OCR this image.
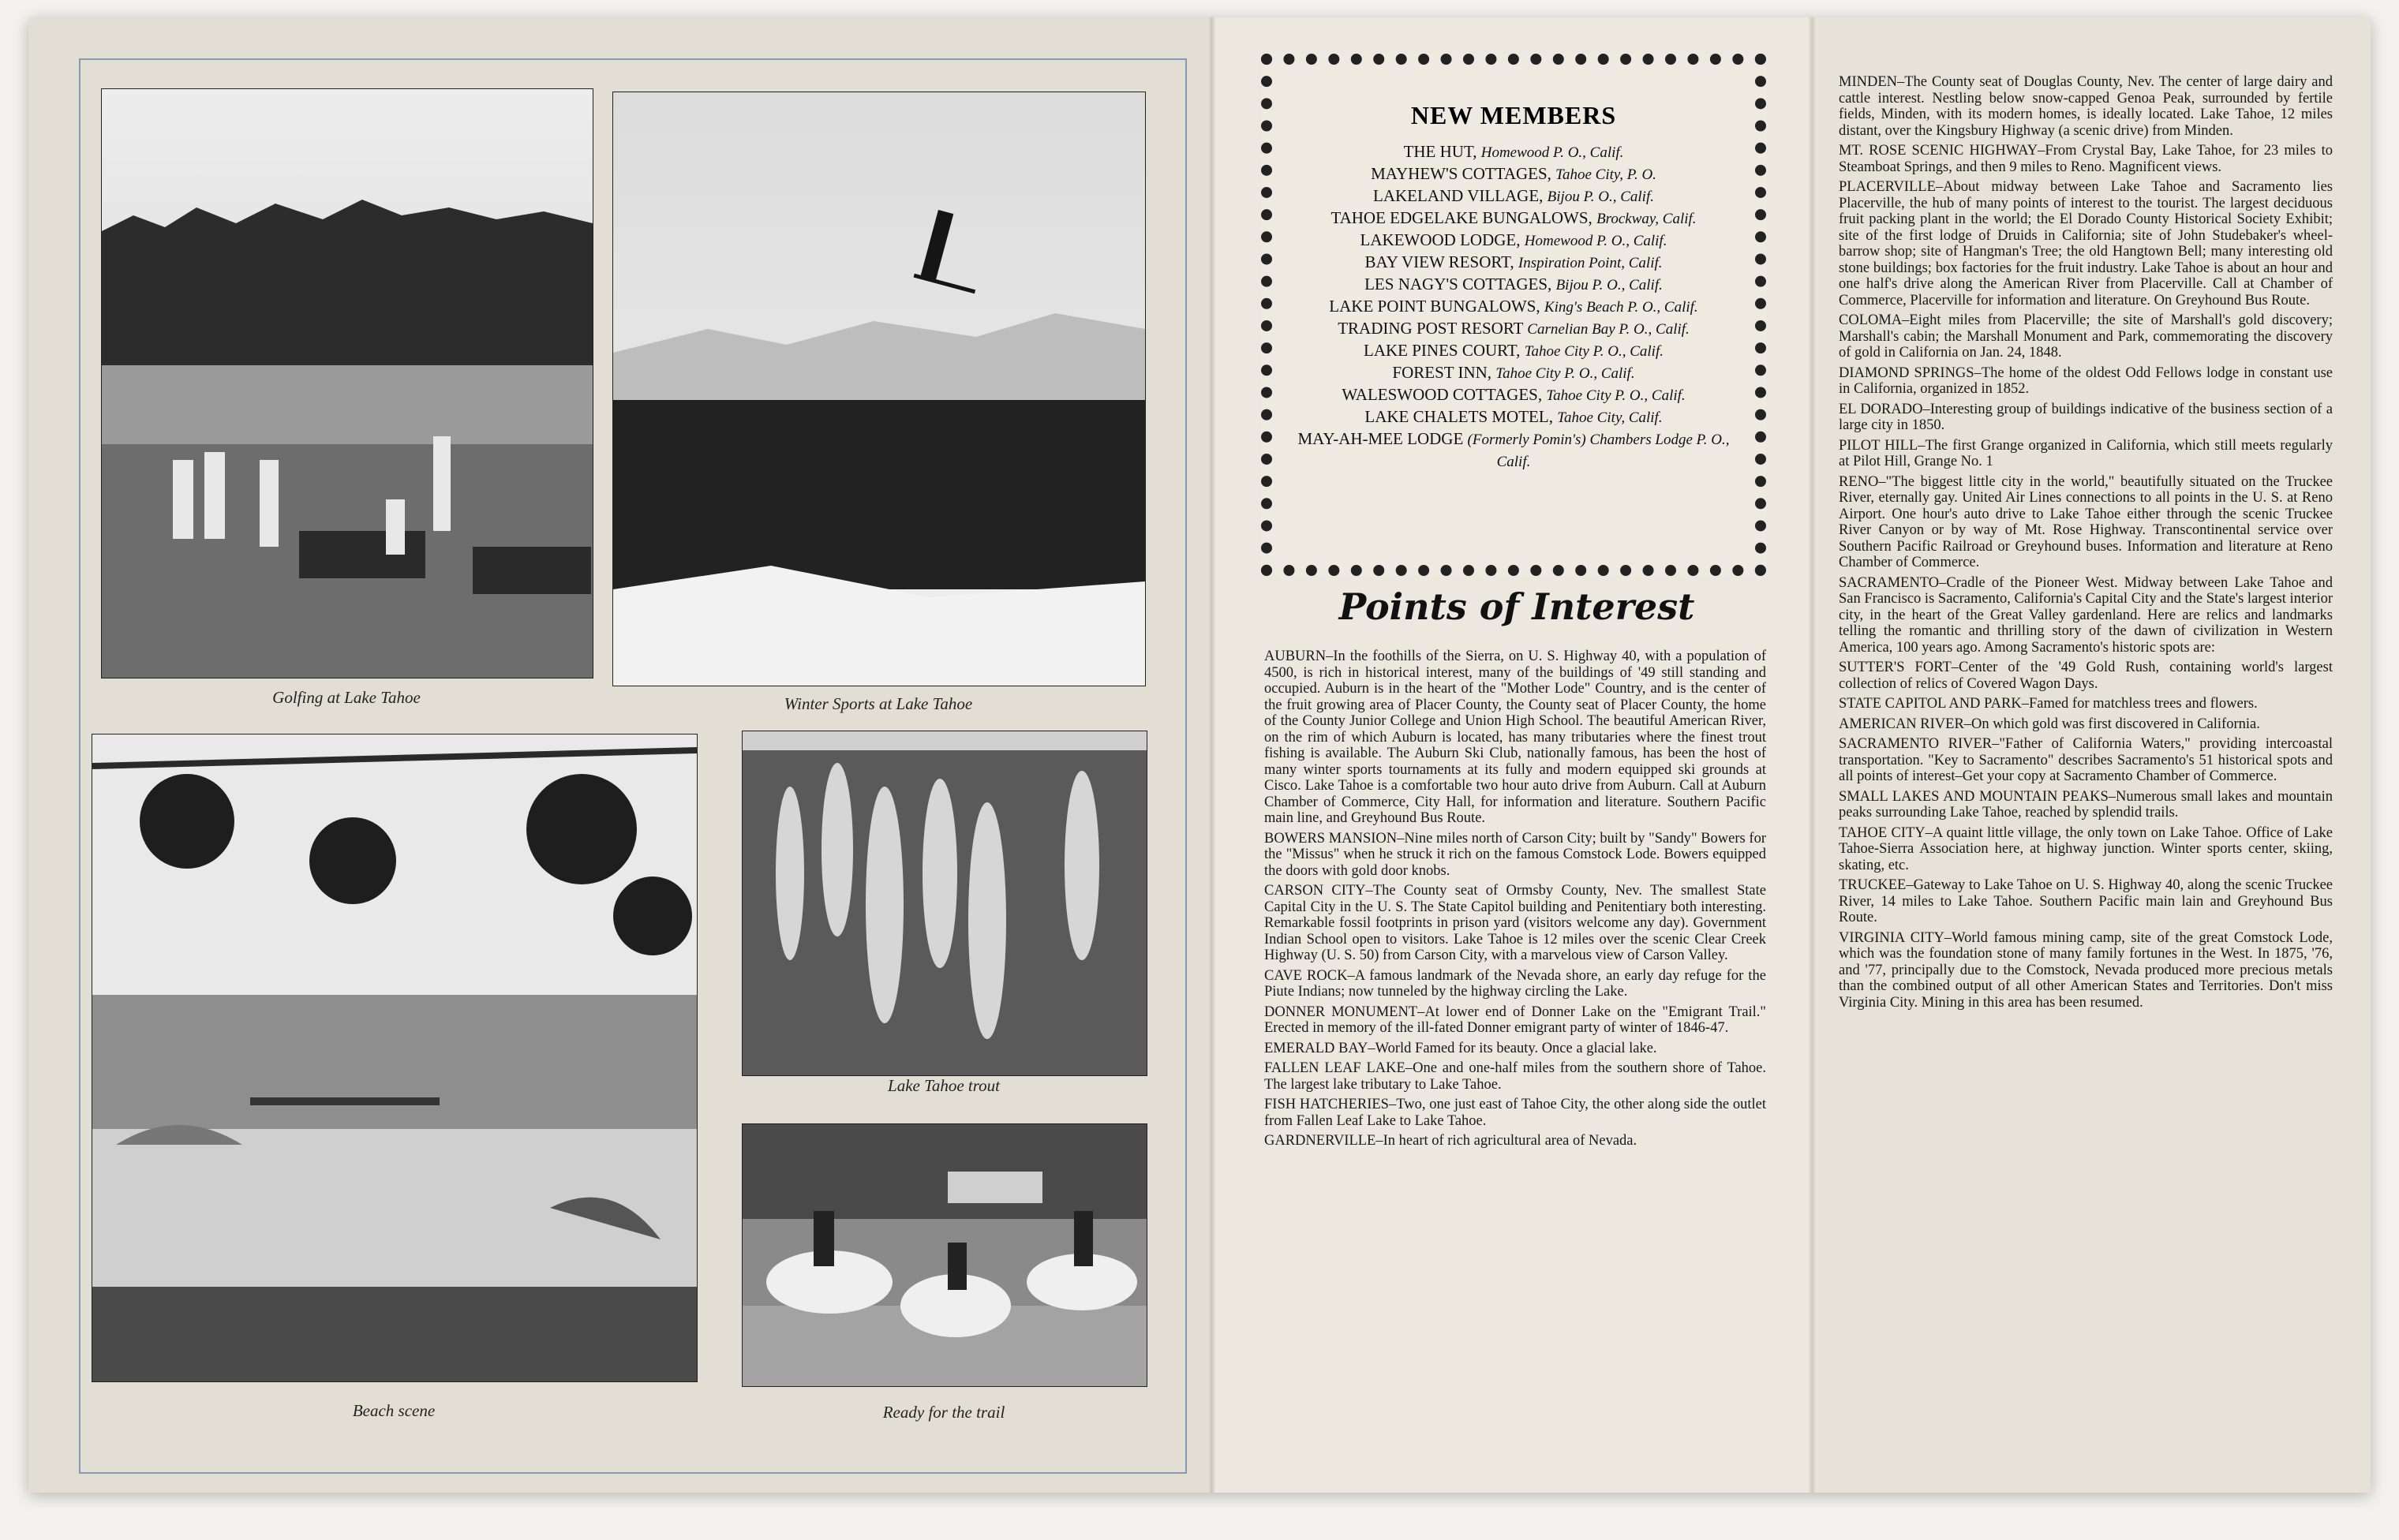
Golfing at Lake Tahoe	Winter Sports at Lake Tahoe
Beach scene
Lake Tahoe trout
Ready for the trail
NEW MEMBERS
THE HUT, Homewood P. O., Calif.
MAYHEW'S COTTAGES, Tahoe City, P. O.
LAKELAND VILLAGE, Bijou P. O., Calif.
TAHOE EDGELAKE BUNGALOWS, Brockway, Calif.
LAKEWOOD LODGE, Homewood P. O., Calif.
BAY VIEW RESORT, Inspiration Point, Calif.
LES NAGY'S COTTAGES, Bijou P. O., Calif.
LAKE POINT BUNGALOWS, King's Beach P. O., Calif.
TRADING POST RESORT Carnelian Bay P. O., Calif.
LAKE PINES COURT, Tahoe City P. O., Calif.
FOREST INN, Tahoe City P. O., Calif.
WALESWOOD COTTAGES, Tahoe City P. O., Calif.
LAKE CHALETS MOTEL, Tahoe City, Calif.
MAY-AH-MEE LODGE (Formerly Pomin's) Chambers Lodge P. O., Calif.
Points of Interest
AUBURN–In the foothills of the Sierra, on U. S. Highway 40, with a population of 4500, is rich in historical interest, many of the buildings of '49 still standing and occupied. Auburn is in the heart of the "Mother Lode" Country, and is the center of the fruit growing area of Placer County, the County seat of Placer County, the home of the County Junior College and Union High School. The beautiful American River, on the rim of which Auburn is located, has many tributaries where the finest trout fishing is available. The Auburn Ski Club, nationally famous, has been the host of many winter sports tournaments at its fully and modern equipped ski grounds at Cisco. Lake Tahoe is a comfortable two hour auto drive from Auburn. Call at Auburn Chamber of Commerce, City Hall, for information and literature. Southern Pacific main line, and Greyhound Bus Route.
BOWERS MANSION–Nine miles north of Carson City; built by "Sandy" Bowers for the "Missus" when he struck it rich on the famous Comstock Lode. Bowers equipped the doors with gold door knobs.
CARSON CITY–The County seat of Ormsby County, Nev. The smallest State Capital City in the U. S. The State Capitol building and Penitentiary both interesting. Remarkable fossil footprints in prison yard (visitors welcome any day). Government Indian School open to visitors. Lake Tahoe is 12 miles over the scenic Clear Creek Highway (U. S. 50) from Carson City, with a marvelous view of Carson Valley.
CAVE ROCK–A famous landmark of the Nevada shore, an early day refuge for the Piute Indians; now tunneled by the highway circling the Lake.
DONNER MONUMENT–At lower end of Donner Lake on the "Emigrant Trail." Erected in memory of the ill-fated Donner emigrant party of winter of 1846-47.
EMERALD BAY–World Famed for its beauty. Once a glacial lake.
FALLEN LEAF LAKE–One and one-half miles from the southern shore of Tahoe. The largest lake tributary to Lake Tahoe.
FISH HATCHERIES–Two, one just east of Tahoe City, the other along side the outlet from Fallen Leaf Lake to Lake Tahoe.
GARDNERVILLE–In heart of rich agricultural area of Nevada.
MINDEN–The County seat of Douglas County, Nev. The center of large dairy and cattle interest. Nestling below snow-capped Genoa Peak, surrounded by fertile fields, Minden, with its modern homes, is ideally located. Lake Tahoe, 12 miles distant, over the Kingsbury Highway (a scenic drive) from Minden.
MT. ROSE SCENIC HIGHWAY–From Crystal Bay, Lake Tahoe, for 23 miles to Steamboat Springs, and then 9 miles to Reno. Magnificent views.
PLACERVILLE–About midway between Lake Tahoe and Sacramento lies Placerville, the hub of many points of interest to the tourist. The largest deciduous fruit packing plant in the world; the El Dorado County Historical Society Exhibit; site of the first lodge of Druids in California; site of John Studebaker's wheel-barrow shop; site of Hangman's Tree; the old Hangtown Bell; many interesting old stone buildings; box factories for the fruit industry. Lake Tahoe is about an hour and one half's drive along the American River from Placerville. Call at Chamber of Commerce, Placerville for information and literature. On Greyhound Bus Route.
COLOMA–Eight miles from Placerville; the site of Marshall's gold discovery; Marshall's cabin; the Marshall Monument and Park, commemorating the discovery of gold in California on Jan. 24, 1848.
DIAMOND SPRINGS–The home of the oldest Odd Fellows lodge in constant use in California, organized in 1852.
EL DORADO–Interesting group of buildings indicative of the business section of a large city in 1850.
PILOT HILL–The first Grange organized in California, which still meets regularly at Pilot Hill, Grange No. 1
RENO–"The biggest little city in the world," beautifully situated on the Truckee River, eternally gay. United Air Lines connections to all points in the U. S. at Reno Airport. One hour's auto drive to Lake Tahoe either through the scenic Truckee River Canyon or by way of Mt. Rose Highway. Transcontinental service over Southern Pacific Railroad or Greyhound buses. Information and literature at Reno Chamber of Commerce.
SACRAMENTO–Cradle of the Pioneer West. Midway between Lake Tahoe and San Francisco is Sacramento, California's Capital City and the State's largest interior city, in the heart of the Great Valley gardenland. Here are relics and landmarks telling the romantic and thrilling story of the dawn of civilization in Western America, 100 years ago. Among Sacramento's historic spots are:
SUTTER'S FORT–Center of the '49 Gold Rush, containing world's largest collection of relics of Covered Wagon Days.
STATE CAPITOL AND PARK–Famed for matchless trees and flowers.
AMERICAN RIVER–On which gold was first discovered in California.
SACRAMENTO RIVER–"Father of California Waters," providing intercoastal transportation. "Key to Sacramento" describes Sacramento's 51 historical spots and all points of interest–Get your copy at Sacramento Chamber of Commerce.
SMALL LAKES AND MOUNTAIN PEAKS–Numerous small lakes and mountain peaks surrounding Lake Tahoe, reached by splendid trails.
TAHOE CITY–A quaint little village, the only town on Lake Tahoe. Office of Lake Tahoe-Sierra Association here, at highway junction. Winter sports center, skiing, skating, etc.
TRUCKEE–Gateway to Lake Tahoe on U. S. Highway 40, along the scenic Truckee River, 14 miles to Lake Tahoe. Southern Pacific main lain and Greyhound Bus Route.
VIRGINIA CITY–World famous mining camp, site of the great Comstock Lode, which was the foundation stone of many family fortunes in the West. In 1875, '76, and '77, principally due to the Comstock, Nevada produced more precious metals than the combined output of all other American States and Territories. Don't miss Virginia City. Mining in this area has been resumed.
